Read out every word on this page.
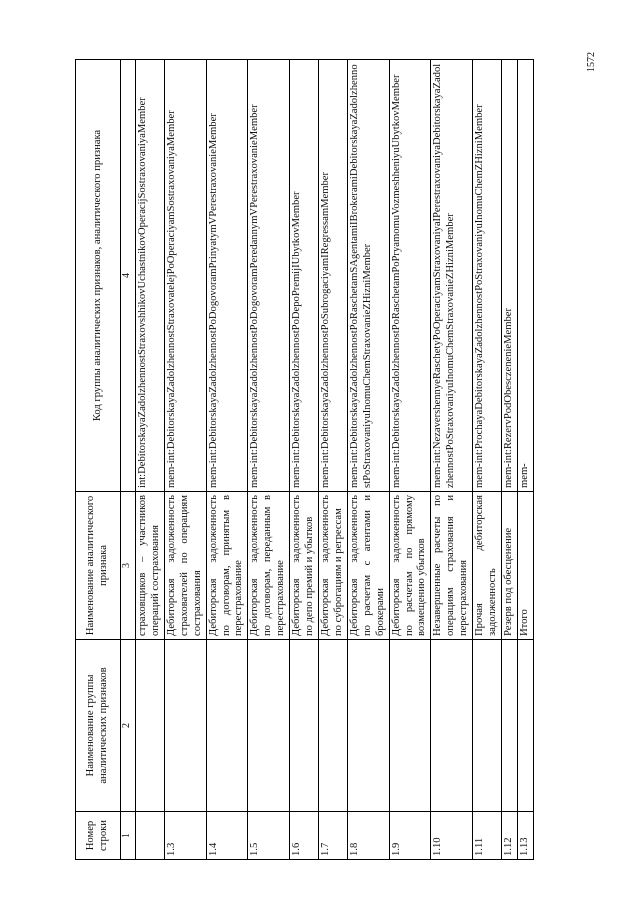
1572
Номер строки	Наименование группы аналитических признаков	Наименование аналитического признака	Код группы аналитических признаков, аналитического признака
1	2	3	4
		страховщиков – участников операций сострахования	int:DebitorskayaZadolzhennostStraxovshhikovUchastnikovOperacijSostraxovaniyaMember
1.3		Дебиторская задолженность страхователей по операциям сострахования	mem-int:DebitorskayaZadolzhennostStraxovatelejPoOperaciyamSostraxovaniyaMember
1.4		Дебиторская задолженность по договорам, принятым в перестрахование	mem-int:DebitorskayaZadolzhennostPoDogovoramPrinyatymVPerestraxovanieMember
1.5		Дебиторская задолженность по договорам, переданным в перестрахование	mem-int:DebitorskayaZadolzhennostPoDogovoramPeredannymVPerestraxovanieMember
1.6		Дебиторская задолженность по депо премий и убытков	mem-int:DebitorskayaZadolzhennostPoDepoPremijIUbytkovMember
1.7		Дебиторская задолженность по суброгациям и регрессам	mem-int:DebitorskayaZadolzhennostPoSubrogaciyamIRegressamMember
1.8		Дебиторская задолженность по расчетам с агентами и брокерами	mem-int:DebitorskayaZadolzhennostPoRaschetamSAgentamiIBrokeramiDebitorskayaZadolzhennostPoStraxovaniyuInomuChemStraxovanieZHizniMember
1.9		Дебиторская задолженность по расчетам по прямому возмещению убытков	mem-int:DebitorskayaZadolzhennostPoRaschetamPoPryamomuVozmeshheniyuUbytkovMember
1.10		Незавершенные расчеты по операциям страхования и перестрахования	mem-int:NezavershennyeRaschetyPoOperaciyamStraxovaniyaIPerestraxovaniyaDebitorskayaZadolzhennostPoStraxovaniyuInomuChemStraxovanieZHizniMember
1.11		Прочая дебиторская задолженность	mem-int:ProchayaDebitorskayaZadolzhennostPoStraxovaniyuInomuChemZHizniMember
1.12		Резерв под обесценение	mem-int:RezervPodObesczenenieMember
1.13		Итого	mem-
